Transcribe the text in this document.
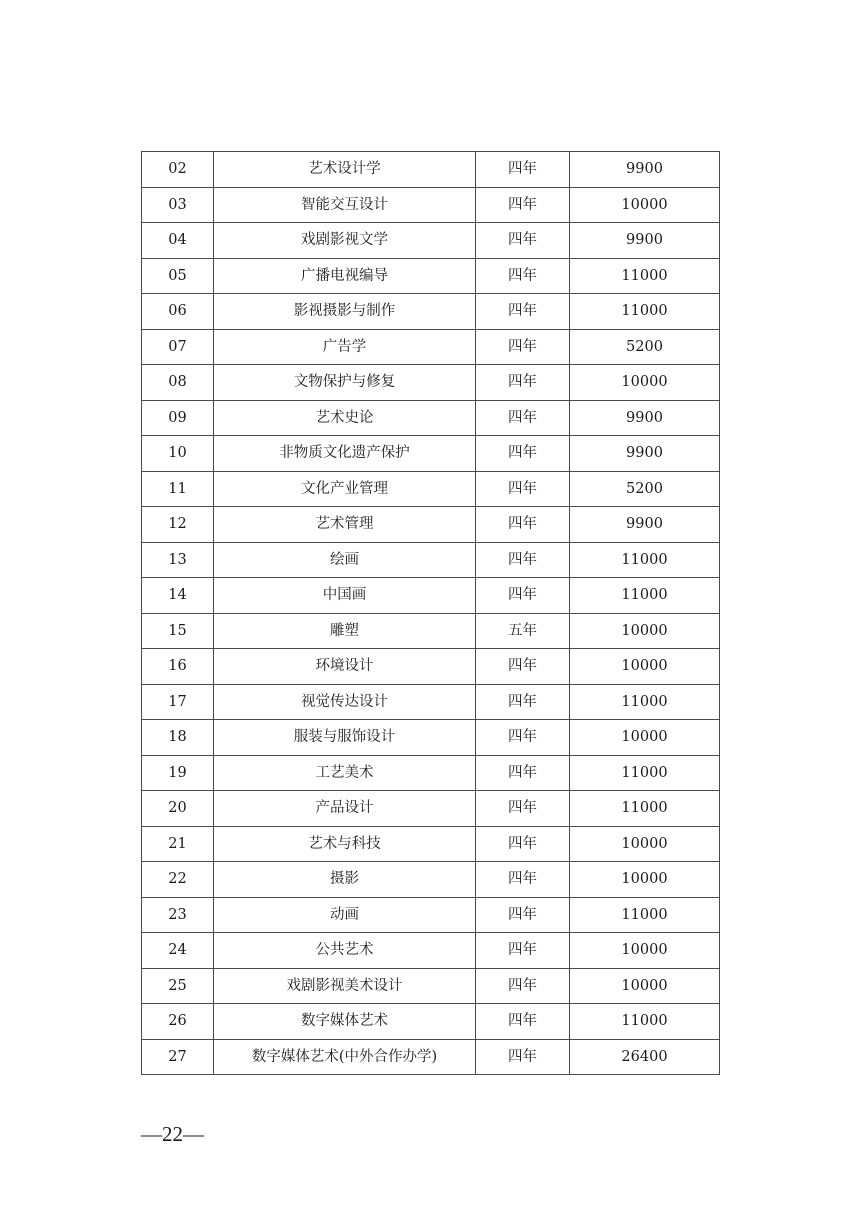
02	艺术设计学	四年	9900
03	智能交互设计	四年	10000
04	戏剧影视文学	四年	9900
05	广播电视编导	四年	11000
06	影视摄影与制作	四年	11000
07	广告学	四年	5200
08	文物保护与修复	四年	10000
09	艺术史论	四年	9900
10	非物质文化遗产保护	四年	9900
11	文化产业管理	四年	5200
12	艺术管理	四年	9900
13	绘画	四年	11000
14	中国画	四年	11000
15	雕塑	五年	10000
16	环境设计	四年	10000
17	视觉传达设计	四年	11000
18	服装与服饰设计	四年	10000
19	工艺美术	四年	11000
20	产品设计	四年	11000
21	艺术与科技	四年	10000
22	摄影	四年	10000
23	动画	四年	11000
24	公共艺术	四年	10000
25	戏剧影视美术设计	四年	10000
26	数字媒体艺术	四年	11000
27	数字媒体艺术(中外合作办学)	四年	26400
—22—
